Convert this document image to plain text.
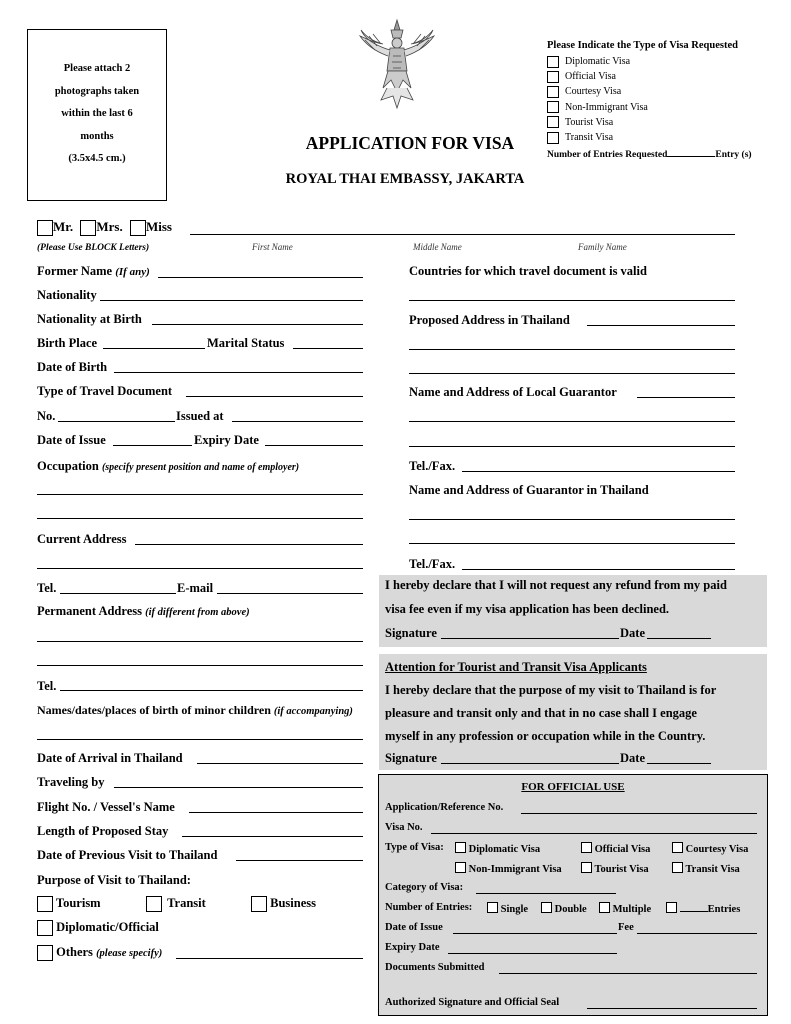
Please attach 2
photographs taken
within the last 6
months
(3.5x4.5 cm.)
Please Indicate the Type of Visa Requested
Diplomatic Visa
Official Visa
Courtesy Visa
Non-Immigrant Visa
Tourist Visa
Transit Visa
Number of Entries Requested	Entry (s)
APPLICATION FOR VISA
ROYAL THAI EMBASSY, JAKARTA
Mr. Mrs. Miss
(Please Use BLOCK Letters)	First Name	Middle Name	Family Name
Former Name (If any)
Nationality
Nationality at Birth
Birth Place	Marital Status
Date of Birth
Type of Travel Document
No.	Issued at
Date of Issue	Expiry Date
Occupation (specify present position and name of employer)
Current Address
Tel.	E-mail
Permanent Address (if different from above)
Tel.
Names/dates/places of birth of minor children (if accompanying)
Date of Arrival in Thailand
Traveling by
Flight No. / Vessel's Name
Length of Proposed Stay
Date of Previous Visit to Thailand
Purpose of Visit to Thailand:
Tourism	Transit	Business
Diplomatic/Official
Others (please specify)
Countries for which travel document is valid
Proposed Address in Thailand
Name and Address of Local Guarantor
Tel./Fax.
Name and Address of Guarantor in Thailand
Tel./Fax.
I hereby declare that I will not request any refund from my paid
visa fee even if my visa application has been declined.
Signature	Date
Attention for Tourist and Transit Visa Applicants
I hereby declare that the purpose of my visit to Thailand is for
pleasure and transit only and that in no case shall I engage
myself in any profession or occupation while in the Country.
Signature	Date
FOR OFFICIAL USE
Application/Reference No.
Visa No.
Type of Visa:	Diplomatic Visa	Official Visa	Courtesy Visa
Non-Immigrant Visa	Tourist Visa	Transit Visa
Category of Visa:
Number of Entries:	Single	Double	Multiple	Entries
Date of Issue	Fee
Expiry Date
Documents Submitted
Authorized Signature and Official Seal
